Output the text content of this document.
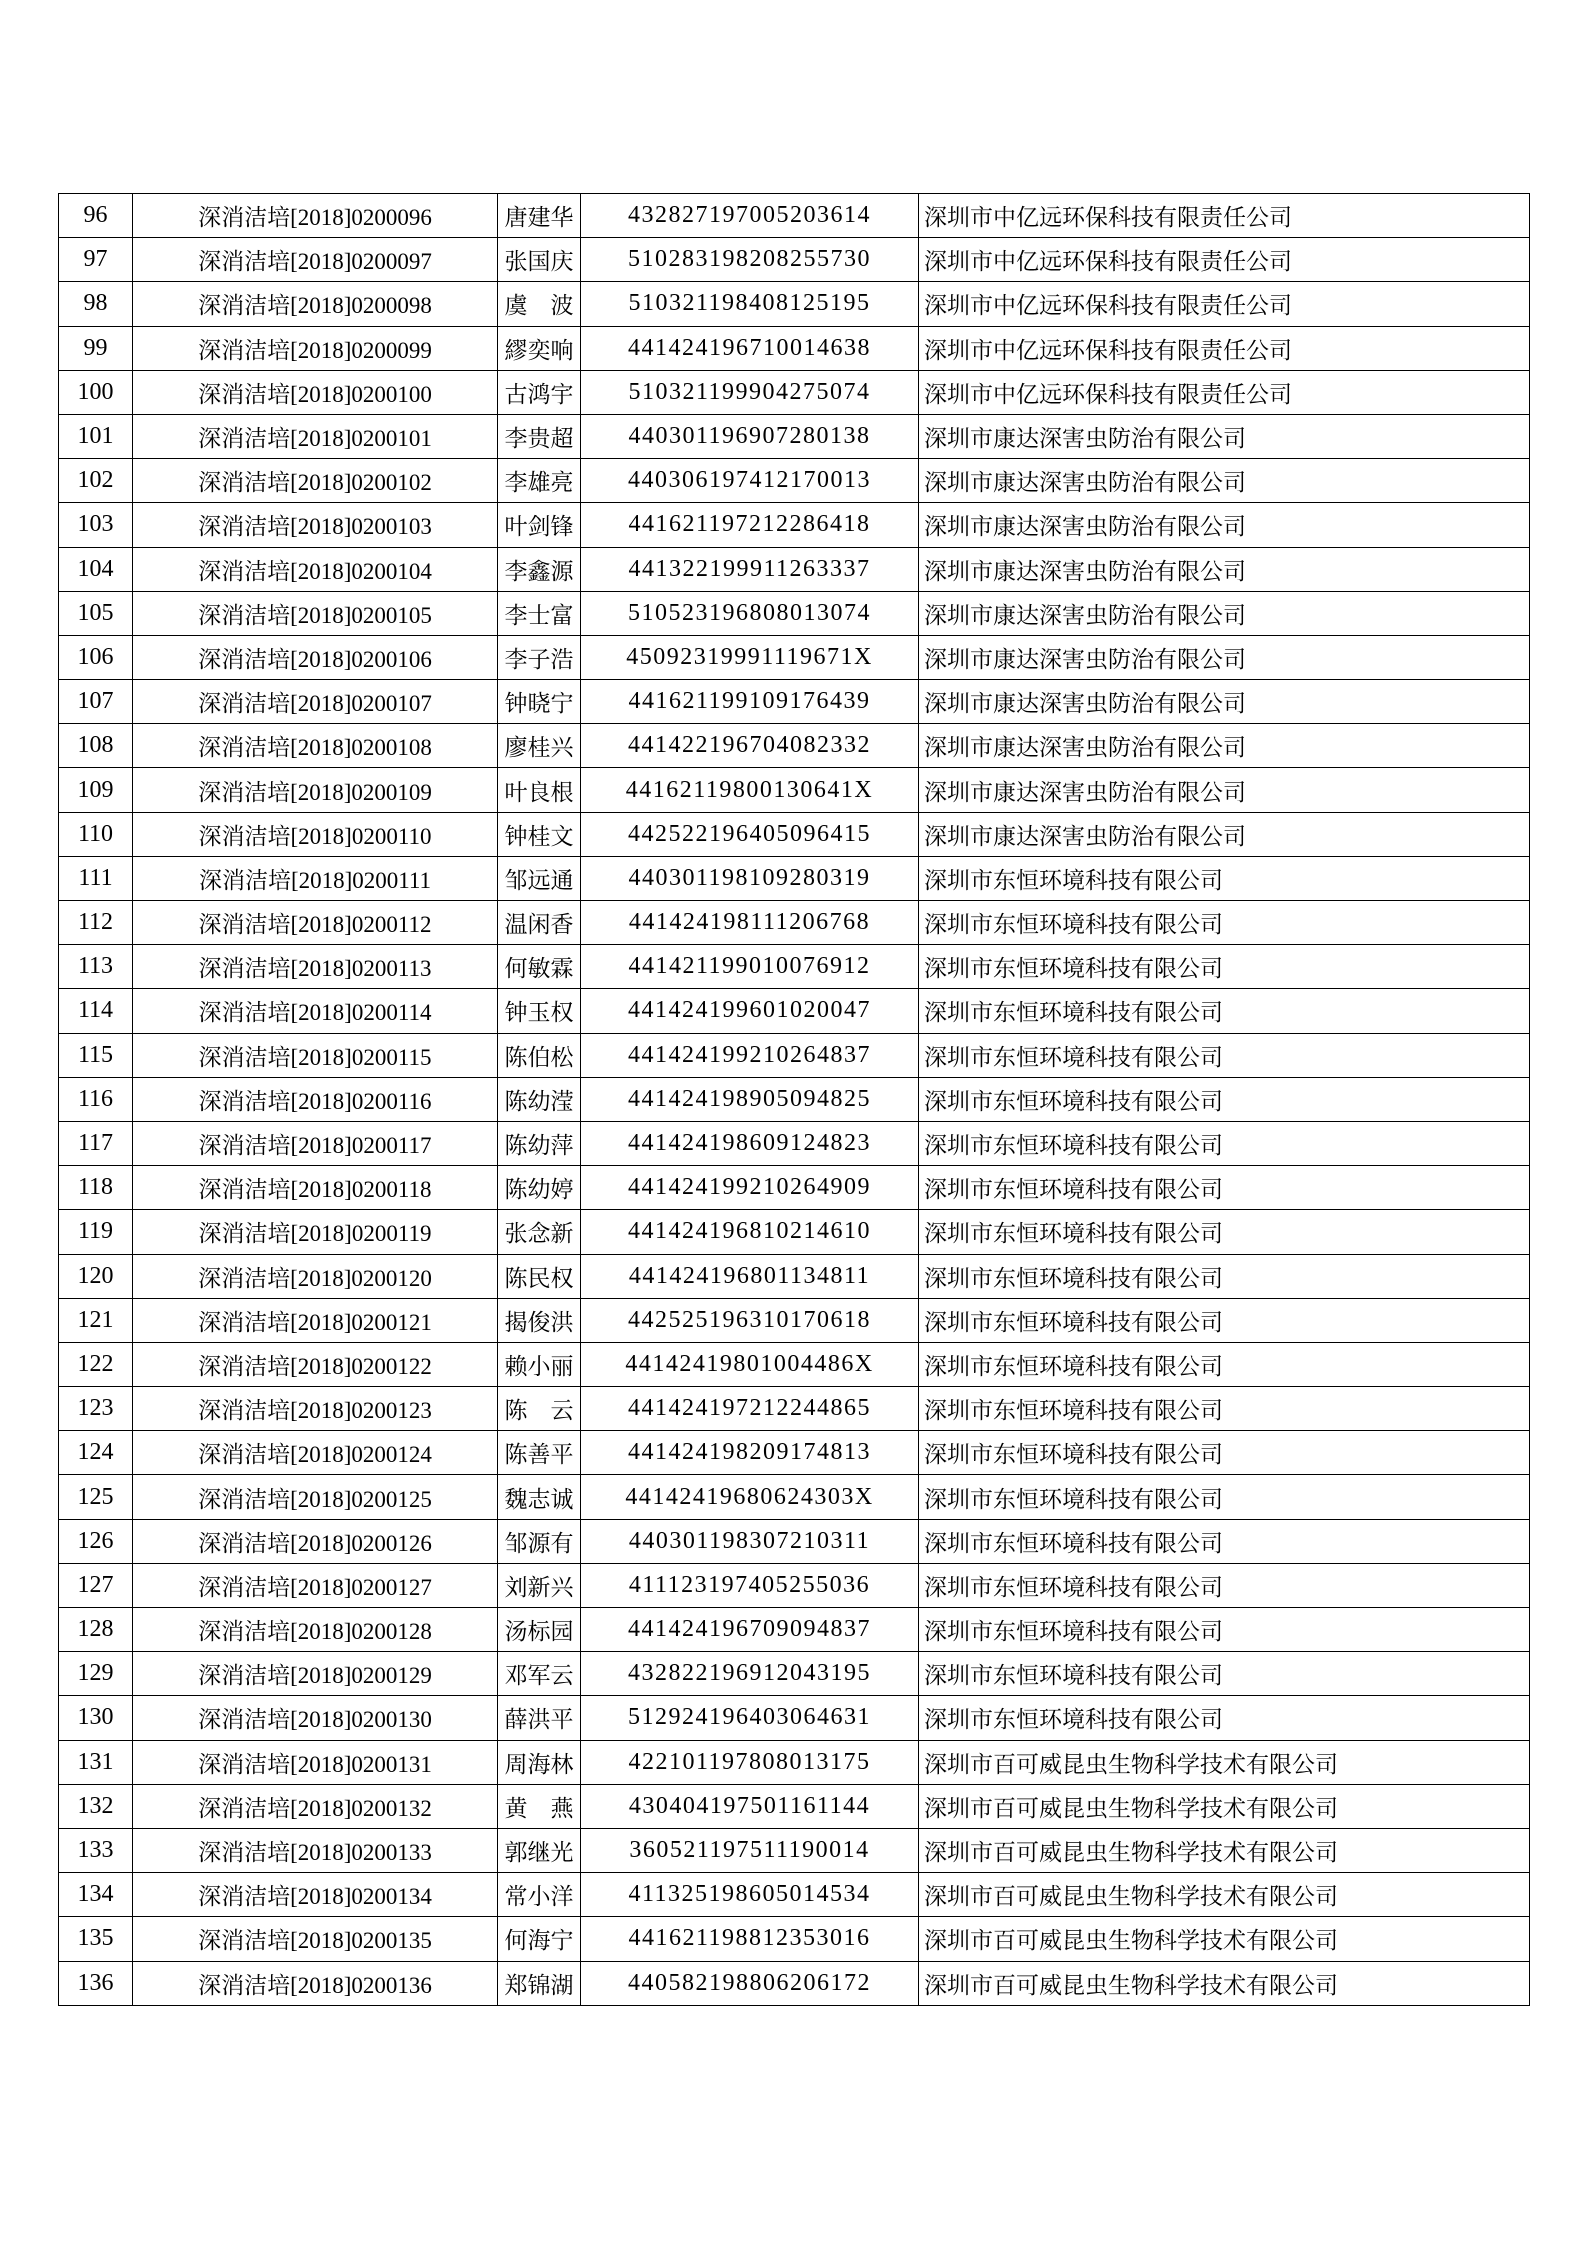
96	深消洁培[2018]0200096	唐建华	432827197005203614	深圳市中亿远环保科技有限责任公司
97	深消洁培[2018]0200097	张国庆	510283198208255730	深圳市中亿远环保科技有限责任公司
98	深消洁培[2018]0200098	虞　波	510321198408125195	深圳市中亿远环保科技有限责任公司
99	深消洁培[2018]0200099	繆奕响	441424196710014638	深圳市中亿远环保科技有限责任公司
100	深消洁培[2018]0200100	古鸿宇	510321199904275074	深圳市中亿远环保科技有限责任公司
101	深消洁培[2018]0200101	李贵超	440301196907280138	深圳市康达深害虫防治有限公司
102	深消洁培[2018]0200102	李雄亮	440306197412170013	深圳市康达深害虫防治有限公司
103	深消洁培[2018]0200103	叶剑锋	441621197212286418	深圳市康达深害虫防治有限公司
104	深消洁培[2018]0200104	李鑫源	441322199911263337	深圳市康达深害虫防治有限公司
105	深消洁培[2018]0200105	李士富	510523196808013074	深圳市康达深害虫防治有限公司
106	深消洁培[2018]0200106	李子浩	45092319991119671X	深圳市康达深害虫防治有限公司
107	深消洁培[2018]0200107	钟晓宁	441621199109176439	深圳市康达深害虫防治有限公司
108	深消洁培[2018]0200108	廖桂兴	441422196704082332	深圳市康达深害虫防治有限公司
109	深消洁培[2018]0200109	叶良根	44162119800130641X	深圳市康达深害虫防治有限公司
110	深消洁培[2018]0200110	钟桂文	442522196405096415	深圳市康达深害虫防治有限公司
111	深消洁培[2018]0200111	邹远通	440301198109280319	深圳市东恒环境科技有限公司
112	深消洁培[2018]0200112	温闲香	441424198111206768	深圳市东恒环境科技有限公司
113	深消洁培[2018]0200113	何敏霖	441421199010076912	深圳市东恒环境科技有限公司
114	深消洁培[2018]0200114	钟玉权	441424199601020047	深圳市东恒环境科技有限公司
115	深消洁培[2018]0200115	陈伯松	441424199210264837	深圳市东恒环境科技有限公司
116	深消洁培[2018]0200116	陈幼滢	441424198905094825	深圳市东恒环境科技有限公司
117	深消洁培[2018]0200117	陈幼萍	441424198609124823	深圳市东恒环境科技有限公司
118	深消洁培[2018]0200118	陈幼婷	441424199210264909	深圳市东恒环境科技有限公司
119	深消洁培[2018]0200119	张念新	441424196810214610	深圳市东恒环境科技有限公司
120	深消洁培[2018]0200120	陈民权	441424196801134811	深圳市东恒环境科技有限公司
121	深消洁培[2018]0200121	揭俊洪	442525196310170618	深圳市东恒环境科技有限公司
122	深消洁培[2018]0200122	赖小丽	44142419801004486X	深圳市东恒环境科技有限公司
123	深消洁培[2018]0200123	陈　云	441424197212244865	深圳市东恒环境科技有限公司
124	深消洁培[2018]0200124	陈善平	441424198209174813	深圳市东恒环境科技有限公司
125	深消洁培[2018]0200125	魏志诚	44142419680624303X	深圳市东恒环境科技有限公司
126	深消洁培[2018]0200126	邹源有	440301198307210311	深圳市东恒环境科技有限公司
127	深消洁培[2018]0200127	刘新兴	411123197405255036	深圳市东恒环境科技有限公司
128	深消洁培[2018]0200128	汤标园	441424196709094837	深圳市东恒环境科技有限公司
129	深消洁培[2018]0200129	邓军云	432822196912043195	深圳市东恒环境科技有限公司
130	深消洁培[2018]0200130	薛洪平	512924196403064631	深圳市东恒环境科技有限公司
131	深消洁培[2018]0200131	周海林	422101197808013175	深圳市百可威昆虫生物科学技术有限公司
132	深消洁培[2018]0200132	黄　燕	430404197501161144	深圳市百可威昆虫生物科学技术有限公司
133	深消洁培[2018]0200133	郭继光	360521197511190014	深圳市百可威昆虫生物科学技术有限公司
134	深消洁培[2018]0200134	常小洋	411325198605014534	深圳市百可威昆虫生物科学技术有限公司
135	深消洁培[2018]0200135	何海宁	441621198812353016	深圳市百可威昆虫生物科学技术有限公司
136	深消洁培[2018]0200136	郑锦湖	440582198806206172	深圳市百可威昆虫生物科学技术有限公司
